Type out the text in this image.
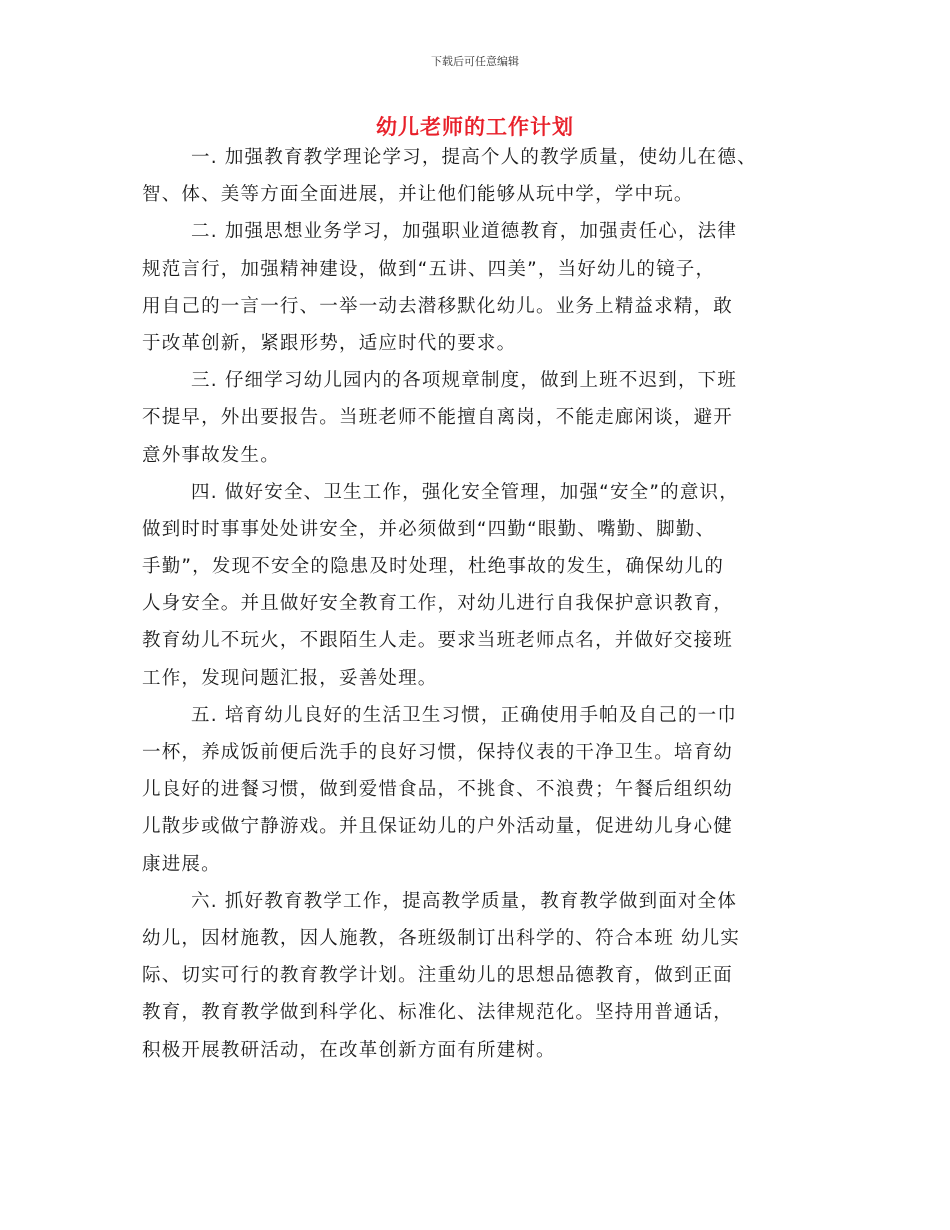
下载后可任意编辑
幼儿老师的工作计划
一. 加强教育教学理论学习，提高个人的教学质量，使幼儿在德、
智、体、美等方面全面进展，并让他们能够从玩中学，学中玩。
二. 加强思想业务学习，加强职业道德教育，加强责任心，法律
规范言行，加强精神建设，做到“五讲、四美”，当好幼儿的镜子，
用自己的一言一行、一举一动去潜移默化幼儿。业务上精益求精，敢
于改革创新，紧跟形势，适应时代的要求。
三. 仔细学习幼儿园内的各项规章制度，做到上班不迟到，下班
不提早，外出要报告。当班老师不能擅自离岗，不能走廊闲谈，避开
意外事故发生。
四. 做好安全、卫生工作，强化安全管理，加强“安全”的意识，
做到时时事事处处讲安全，并必须做到“四勤“眼勤、嘴勤、脚勤、
手勤”，发现不安全的隐患及时处理，杜绝事故的发生，确保幼儿的
人身安全。并且做好安全教育工作，对幼儿进行自我保护意识教育，
教育幼儿不玩火，不跟陌生人走。要求当班老师点名，并做好交接班
工作，发现问题汇报，妥善处理。
五. 培育幼儿良好的生活卫生习惯，正确使用手帕及自己的一巾
一杯，养成饭前便后洗手的良好习惯，保持仪表的干净卫生。培育幼
儿良好的进餐习惯，做到爱惜食品，不挑食、不浪费；午餐后组织幼
儿散步或做宁静游戏。并且保证幼儿的户外活动量，促进幼儿身心健
康进展。
六. 抓好教育教学工作，提高教学质量，教育教学做到面对全体
幼儿，因材施教，因人施教，各班级制订出科学的、符合本班 幼儿实
际、切实可行的教育教学计划。注重幼儿的思想品德教育，做到正面
教育，教育教学做到科学化、标准化、法律规范化。坚持用普通话，
积极开展教研活动，在改革创新方面有所建树。
